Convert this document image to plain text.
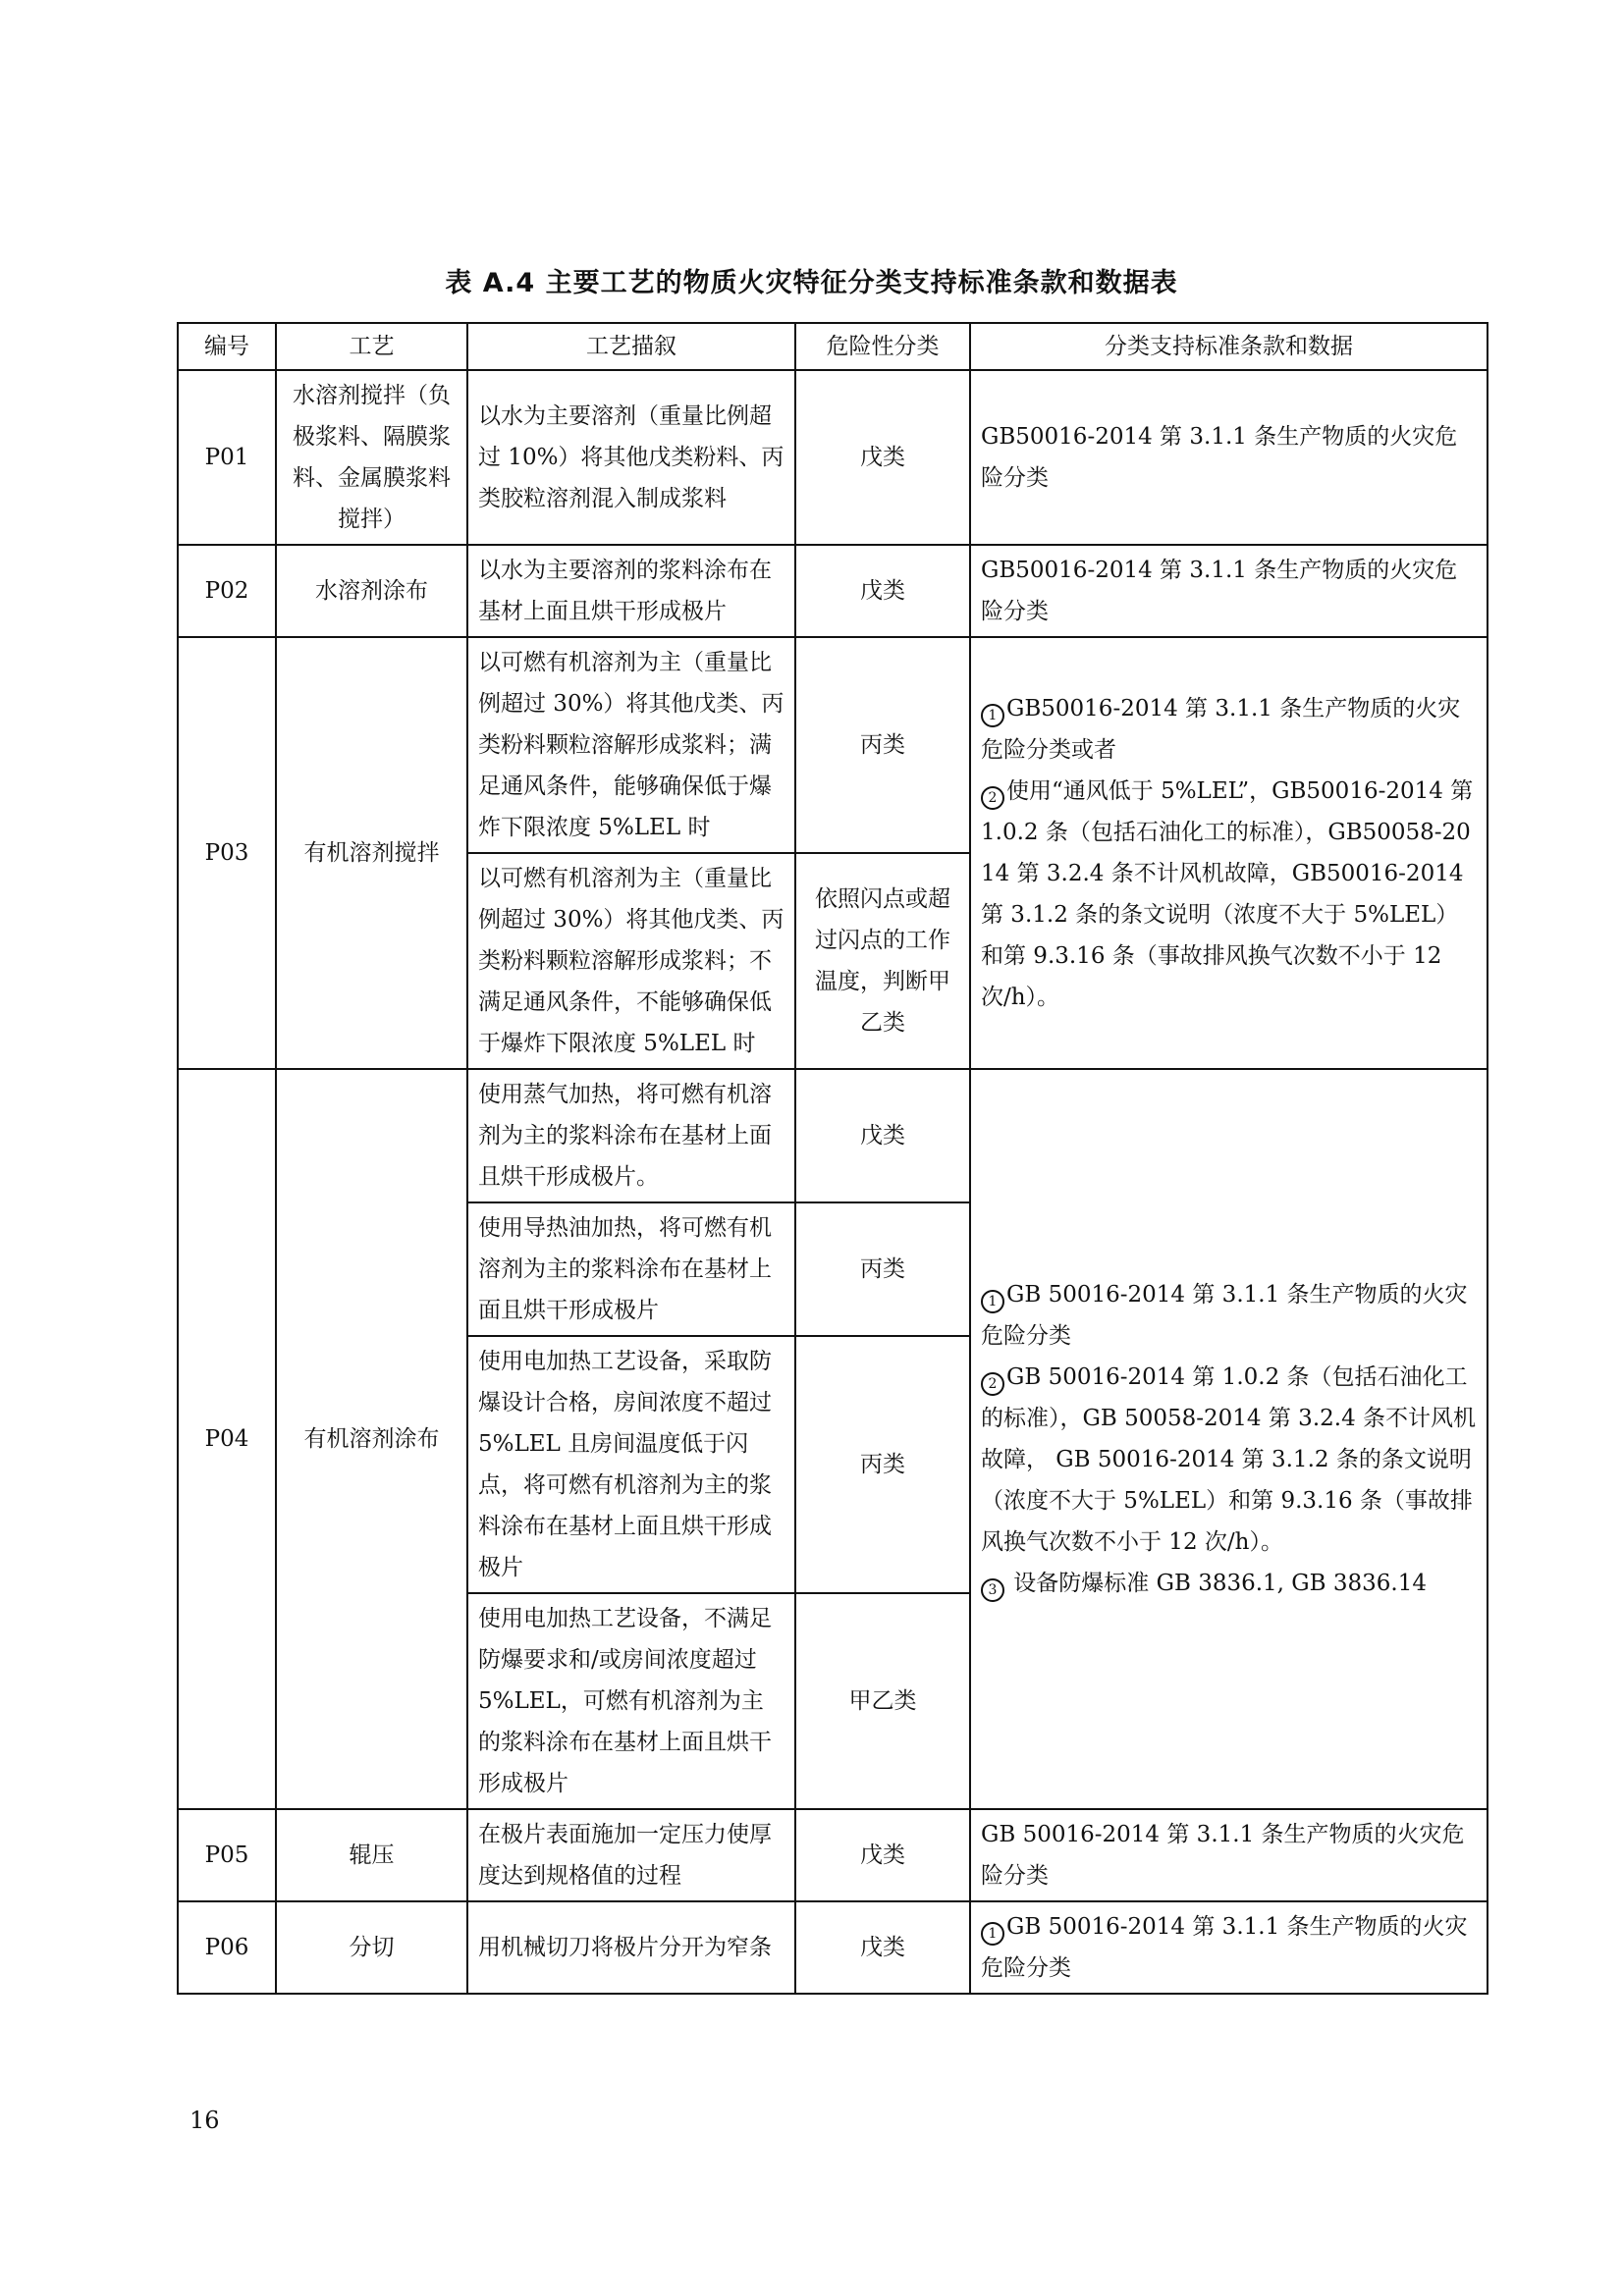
表 A.4 主要工艺的物质火灾特征分类支持标准条款和数据表
编号	工艺	工艺描叙	危险性分类	分类支持标准条款和数据
P01	水溶剂搅拌（负极浆料、隔膜浆料、金属膜浆料搅拌）	以水为主要溶剂（重量比例超过 10%）将其他戊类粉料、丙类胶粒溶剂混入制成浆料	戊类	GB50016-2014 第 3.1.1 条生产物质的火灾危险分类
P02	水溶剂涂布	以水为主要溶剂的浆料涂布在基材上面且烘干形成极片	戊类	GB50016-2014 第 3.1.1 条生产物质的火灾危险分类
P03	有机溶剂搅拌	以可燃有机溶剂为主（重量比例超过 30%）将其他戊类、丙类粉料颗粒溶解形成浆料；满足通风条件，能够确保低于爆炸下限浓度 5%LEL 时	丙类	1 GB50016-2014 第 3.1.1 条生产物质的火灾危险分类或者
2 使用“通风低于 5%LEL”，GB50016-2014 第 1.0.2 条（包括石油化工的标准），GB50058-2014 第 3.2.4 条不计风机故障，GB50016-2014 第 3.1.2 条的条文说明（浓度不大于 5%LEL）和第 9.3.16 条（事故排风换气次数不小于 12 次/h）。
		以可燃有机溶剂为主（重量比例超过 30%）将其他戊类、丙类粉料颗粒溶解形成浆料；不满足通风条件，不能够确保低于爆炸下限浓度 5%LEL 时	依照闪点或超过闪点的工作温度，判断甲乙类	
P04	有机溶剂涂布	使用蒸气加热，将可燃有机溶剂为主的浆料涂布在基材上面且烘干形成极片。	戊类	1 GB 50016-2014 第 3.1.1 条生产物质的火灾危险分类
2 GB 50016-2014 第 1.0.2 条（包括石油化工的标准），GB 50058-2014 第 3.2.4 条不计风机故障， GB 50016-2014 第 3.1.2 条的条文说明（浓度不大于 5%LEL）和第 9.3.16 条（事故排风换气次数不小于 12 次/h）。
3 设备防爆标准 GB 3836.1, GB 3836.14
		使用导热油加热，将可燃有机溶剂为主的浆料涂布在基材上面且烘干形成极片	丙类	
		使用电加热工艺设备，采取防爆设计合格，房间浓度不超过 5%LEL 且房间温度低于闪点，将可燃有机溶剂为主的浆料涂布在基材上面且烘干形成极片	丙类	
		使用电加热工艺设备，不满足防爆要求和/或房间浓度超过 5%LEL，可燃有机溶剂为主的浆料涂布在基材上面且烘干形成极片	甲乙类	
P05	辊压	在极片表面施加一定压力使厚度达到规格值的过程	戊类	GB 50016-2014 第 3.1.1 条生产物质的火灾危险分类
P06	分切	用机械切刀将极片分开为窄条	戊类	1 GB 50016-2014 第 3.1.1 条生产物质的火灾危险分类
16
